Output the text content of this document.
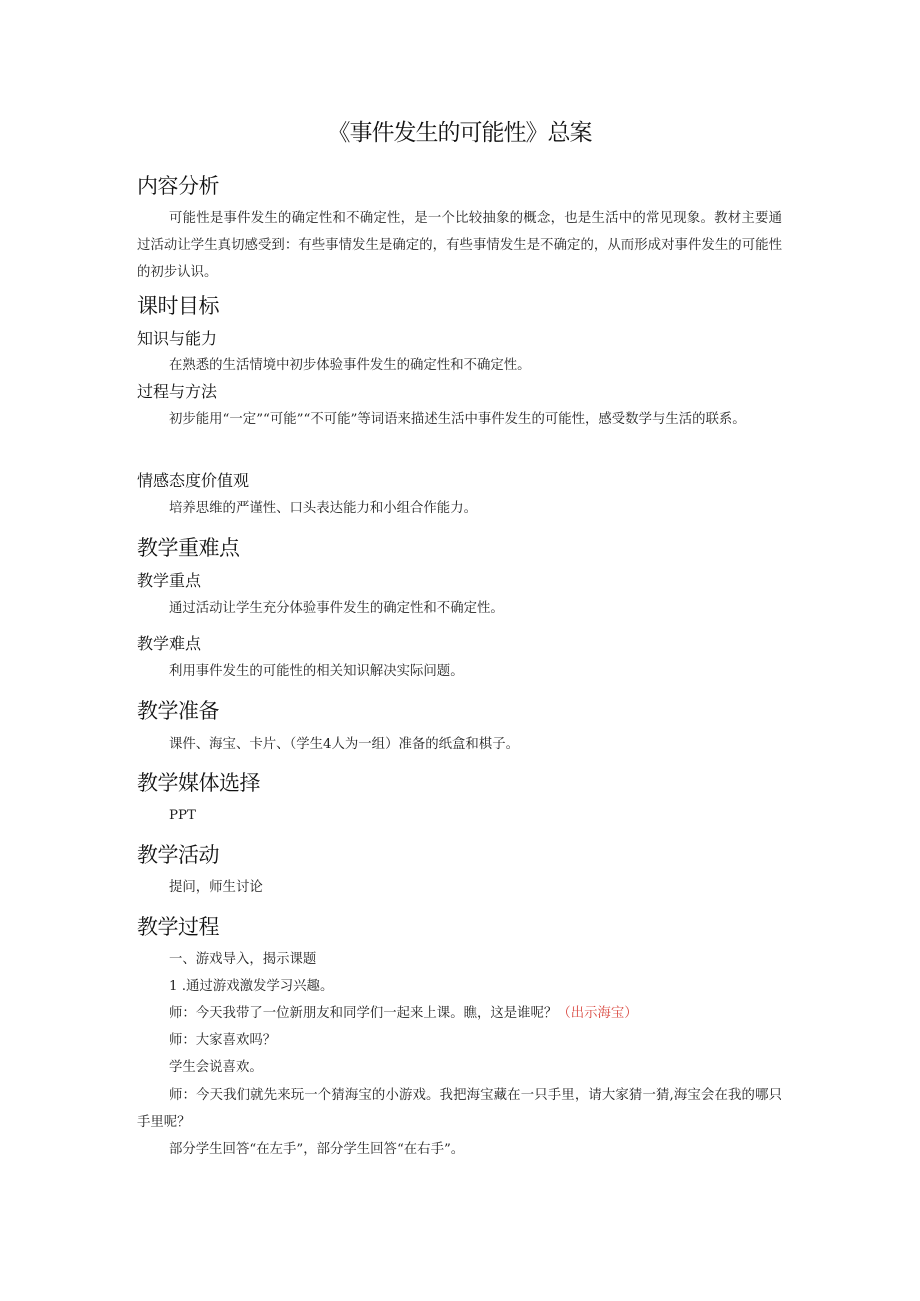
《事件发生的可能性》总案
内容分析

可能性是事件发生的确定性和不确定性，是一个比较抽象的概念，也是生活中的常见现象。教材主要通过活动让学生真切感受到：有些事情发生是确定的，有些事情发生是不确定的，从而形成对事件发生的可能性的初步认识。

课时目标
知识与能力

在熟悉的生活情境中初步体验事件发生的确定性和不确定性。

过程与方法

初步能用“一定”“可能”“不可能”等词语来描述生活中事件发生的可能性，感受数学与生活的联系。

情感态度价值观

培养思维的严谨性、口头表达能力和小组合作能力。

教学重难点
教学重点

通过活动让学生充分体验事件发生的确定性和不确定性。

教学难点

利用事件发生的可能性的相关知识解决实际问题。

教学准备

课件、海宝、卡片、（学生4人为一组）准备的纸盒和棋子。

教学媒体选择

PPT

教学活动

提问，师生讨论

教学过程

一、游戏导入，揭示课题

1 .通过游戏激发学习兴趣。

师：今天我带了一位新朋友和同学们一起来上课。瞧，这是谁呢？（出示海宝）

师：大家喜欢吗？

学生会说喜欢。

师：今天我们就先来玩一个猜海宝的小游戏。我把海宝藏在一只手里，请大家猜一猜,海宝会在我的哪只手里呢？

部分学生回答“在左手”，部分学生回答“在右手”。
